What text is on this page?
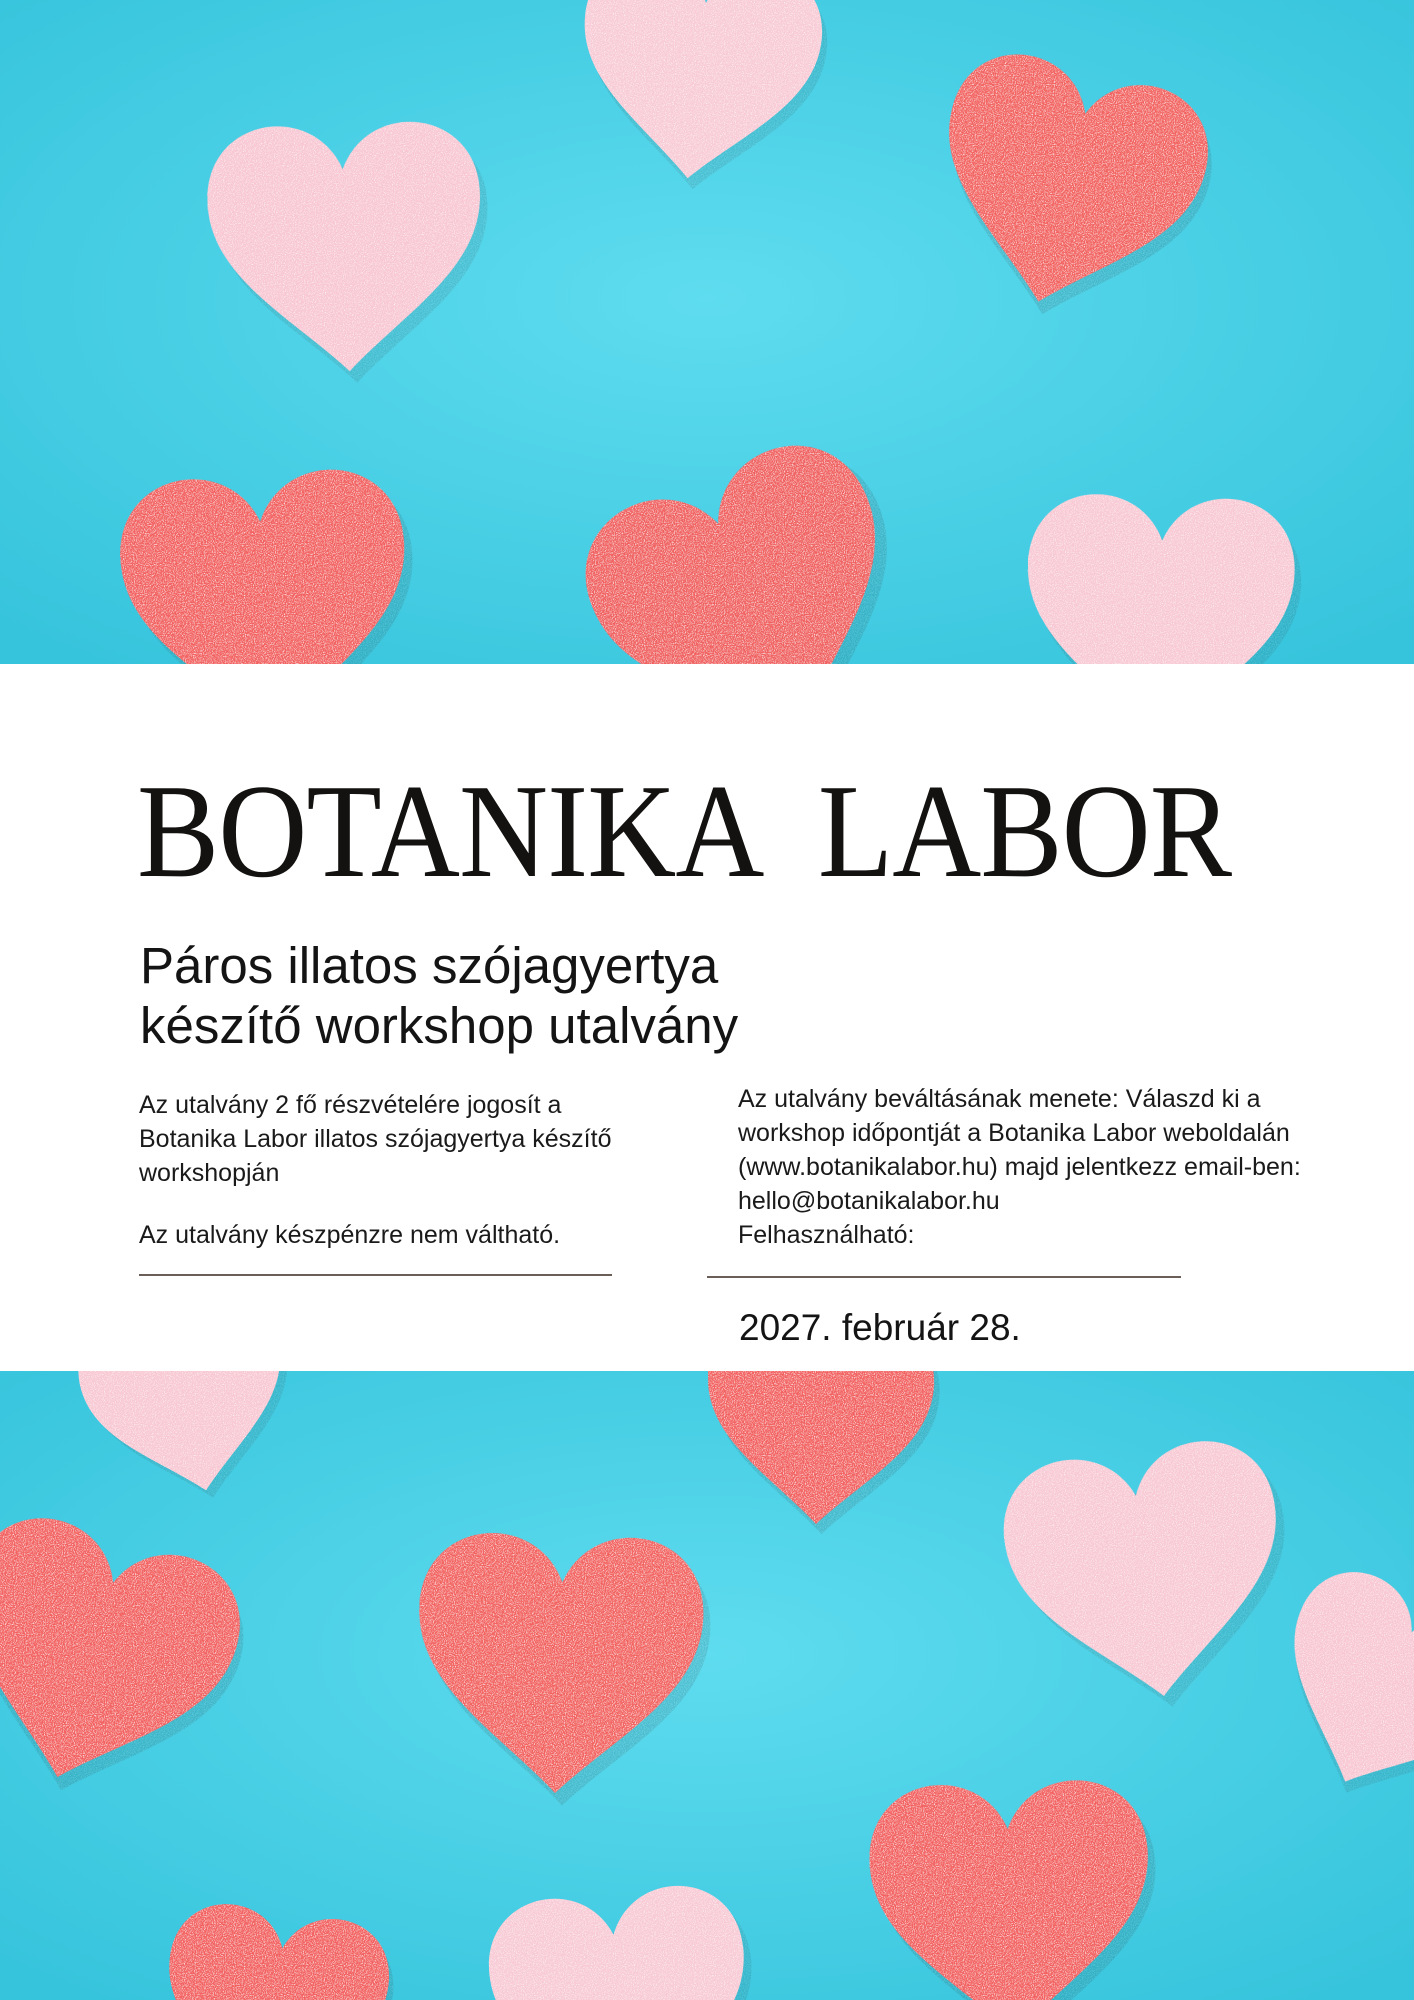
BOTANIKA LABOR
Páros illatos szójagyertya
készítő workshop utalvány

Az utalvány 2 fő részvételére jogosít a Botanika Labor illatos szójagyertya készítő workshopján

Az utalvány készpénzre nem váltható.

Az utalvány beváltásának menete: Válaszd ki a
workshop időpontját a Botanika Labor weboldalán
(www.botanikalabor.hu) majd jelentkezz email-ben:
hello@botanikalabor.hu
Felhasználható:

2027. február 28.
